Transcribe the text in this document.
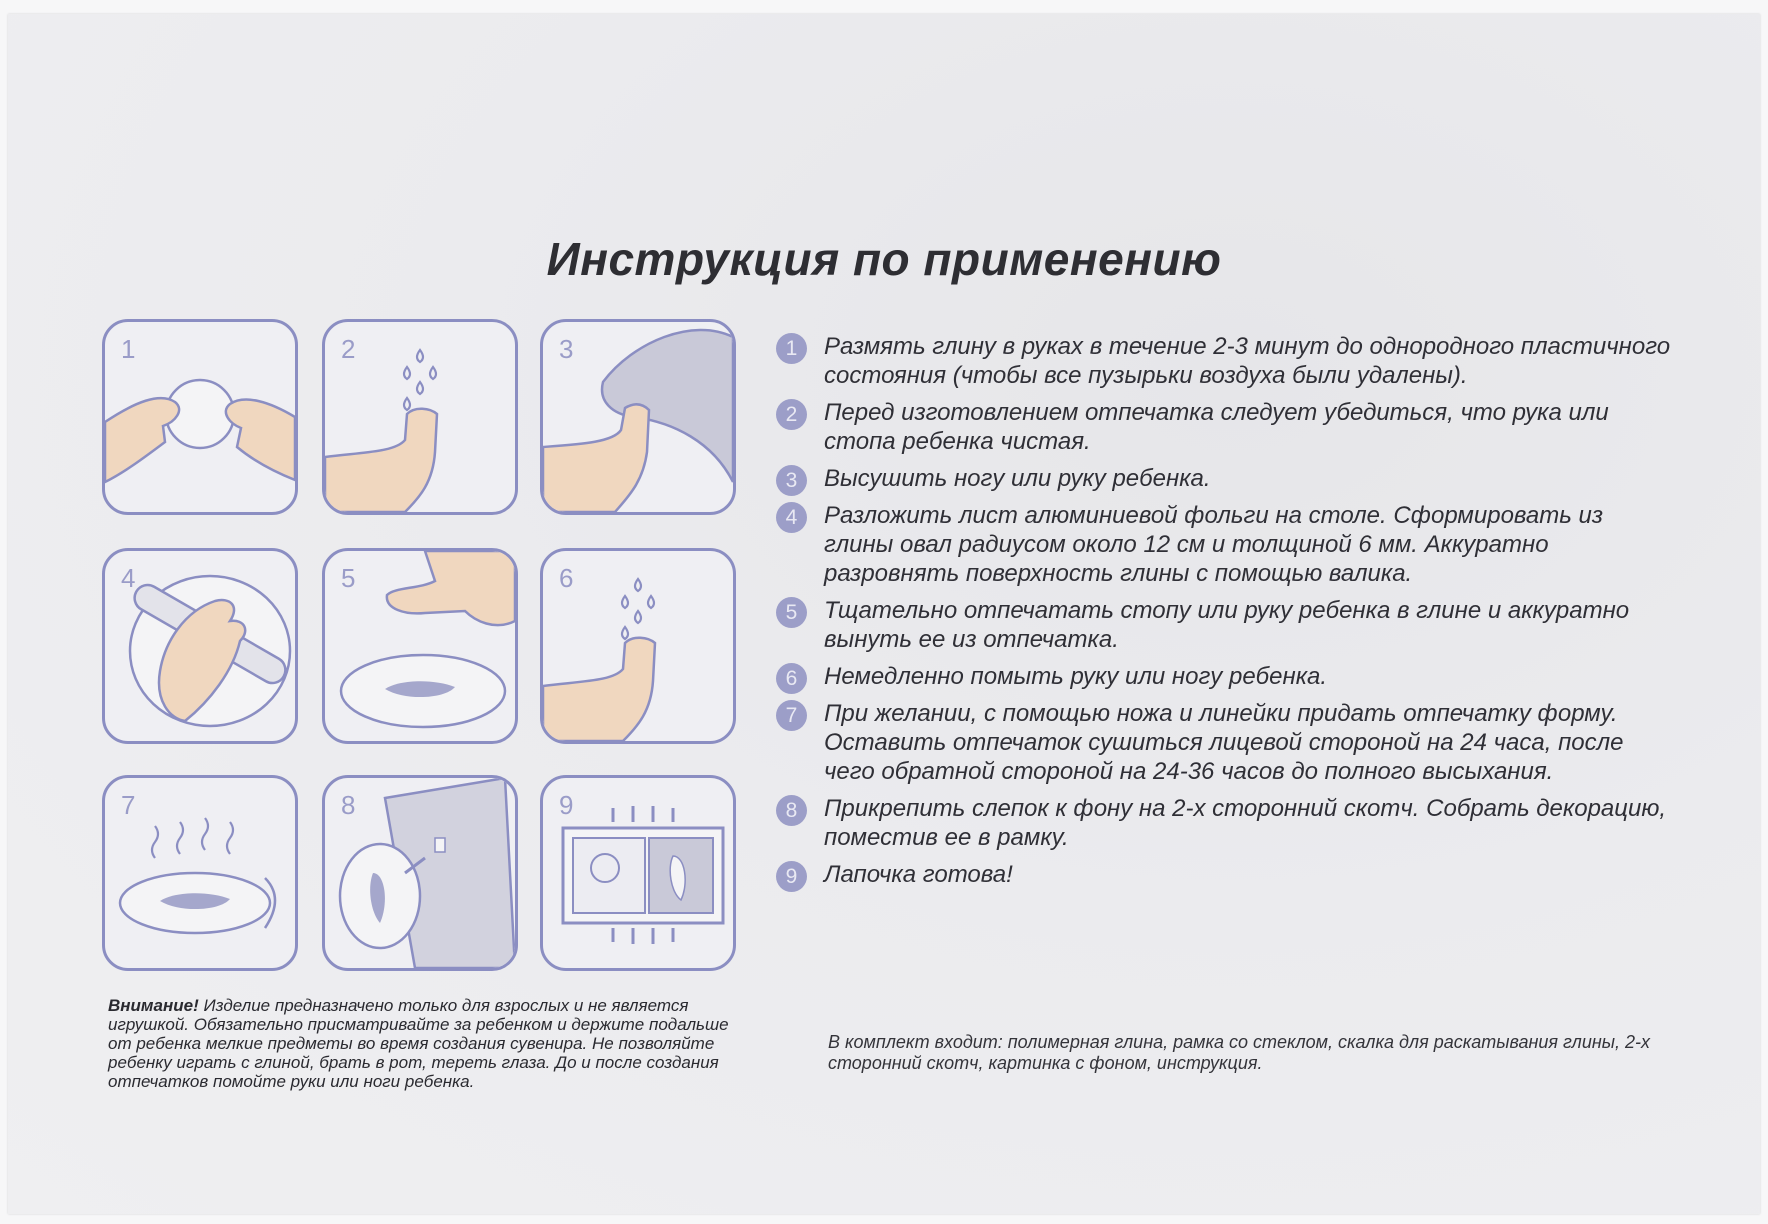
Инструкция по применению
1	2	3
4	5	6
7	8	9
1	Размять глину в руках в течение 2-3 минут до однородного пластичного состояния (чтобы все пузырьки воздуха были удалены).
2	Перед изготовлением отпечатка следует убедиться, что рука или стопа ребенка чистая.
3	Высушить ногу или руку ребенка.
4	Разложить лист алюминиевой фольги на столе. Сформировать из глины овал радиусом около 12 см и толщиной 6 мм. Аккуратно разровнять поверхность глины с помощью валика.
5	Тщательно отпечатать стопу или руку ребенка в глине и аккуратно вынуть ее из отпечатка.
6	Немедленно помыть руку или ногу ребенка.
7	При желании, с помощью ножа и линейки придать отпечатку форму. Оставить отпечаток сушиться лицевой стороной на 24 часа, после чего обратной стороной на 24-36 часов до полного высыхания.
8	Прикрепить слепок к фону на 2-х сторонний скотч. Собрать декорацию, поместив ее в рамку.
9	Лапочка готова!

Внимание! Изделие предназначено только для взрослых и не является игрушкой. Обязательно присматривайте за ребенком и держите подальше от ребенка мелкие предметы во время создания сувенира. Не позволяйте ребенку играть с глиной, брать в рот, тереть глаза. До и после создания отпечатков помойте руки или ноги ребенка.

В комплект входит: полимерная глина, рамка со стеклом, скалка для раскатывания глины, 2-х сторонний скотч, картинка с фоном, инструкция.
